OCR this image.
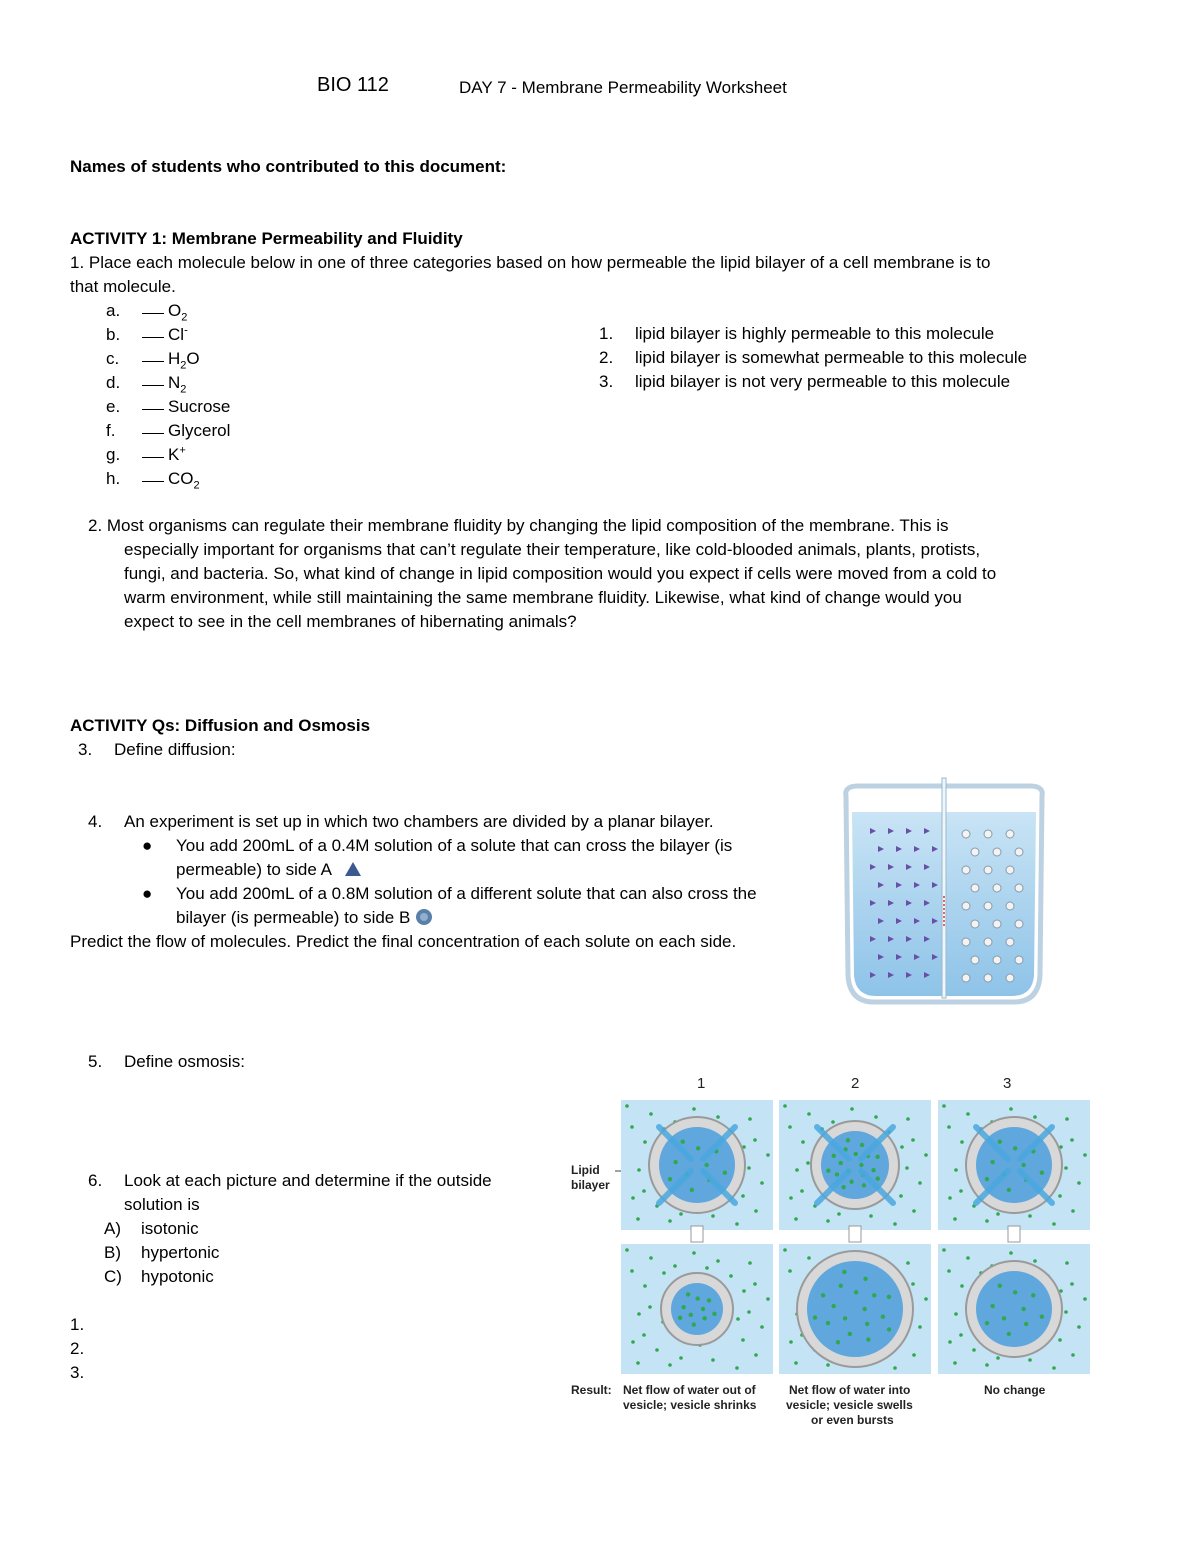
BIO 112	DAY 7 - Membrane Permeability Worksheet
Names of students who contributed to this document:
ACTIVITY 1: Membrane Permeability and Fluidity
1. Place each molecule below in one of three categories based on how permeable the lipid bilayer of a cell membrane is to
that molecule.
a.	$O_2$
b.	Cl-
c.	$H_2O$
d.	$N_2$
e.	Sucrose
f.	Glycerol
g.	K+
h.	$CO_2$
1. lipid bilayer is highly permeable to this molecule
2. lipid bilayer is somewhat permeable to this molecule
3. lipid bilayer is not very permeable to this molecule
2. Most organisms can regulate their membrane fluidity by changing the lipid composition of the membrane. This is
especially important for organisms that can’t regulate their temperature, like cold-blooded animals, plants, protists,
fungi, and bacteria. So, what kind of change in lipid composition would you expect if cells were moved from a cold to
warm environment, while still maintaining the same membrane fluidity. Likewise, what kind of change would you
expect to see in the cell membranes of hibernating animals?
ACTIVITY Qs: Diffusion and Osmosis
3. Define diffusion:
4. An experiment is set up in which two chambers are divided by a planar bilayer.
● You add 200mL of a 0.4M solution of a solute that can cross the bilayer (is
permeable) to side A
● You add 200mL of a 0.8M solution of a different solute that can also cross the
bilayer (is permeable) to side B
Predict the flow of molecules. Predict the final concentration of each solute on each side.
5. Define osmosis:
6. Look at each picture and determine if the outside
solution is
A) isotonic
B) hypertonic
C) hypotonic
1.
2.
3.
1	2	3
Lipid
bilayer
Result: Net flow of water out of
vesicle; vesicle shrinks
Net flow of water into
vesicle; vesicle swells
or even bursts
No change
